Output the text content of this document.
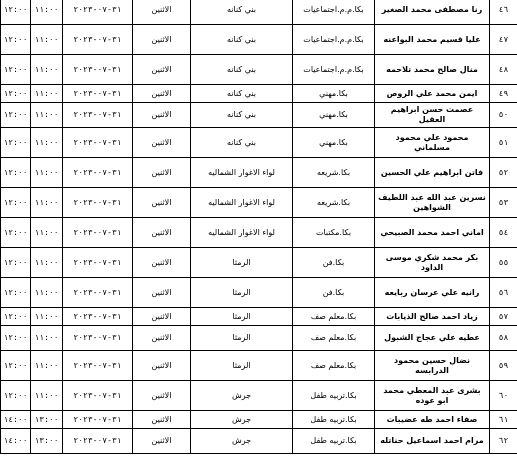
٤٦	رنا مصطفى محمد الصغير	بكا.م.م.اجتماعيات	بني كنانه	الاثنين	٣١-٠٧-٢٠٢٣	١١:٠٠	١٢:٠٠
٤٧	عليا قسيم محمد البواعنه	بكا.م.م.اجتماعيات	بني كنانه	الاثنين	٣١-٠٧-٢٠٢٣	١١:٠٠	١٢:٠٠
٤٨	منال صالح محمد تلاحمه	بكا.م.م.اجتماعيات	بني كنانه	الاثنين	٣١-٠٧-٢٠٢٣	١١:٠٠	١٢:٠٠
٤٩	ايمن محمد علي الروص	بكا.مهني	بني كنانه	الاثنين	٣١-٠٧-٢٠٢٣	١١:٠٠	١٢:٠٠
٥٠	عصمت حسن ابراهيم العقيل	بكا.مهني	بني كنانه	الاثنين	٣١-٠٧-٢٠٢٣	١١:٠٠	١٢:٠٠
٥١	محمود علي محمود مسلماني	بكا.مهني	بني كنانه	الاثنين	٣١-٠٧-٢٠٢٣	١١:٠٠	١٢:٠٠
٥٢	فاتن ابراهيم علي الحسين	بكا.شريعه	لواء الاغوار الشماليه	الاثنين	٣١-٠٧-٢٠٢٣	١١:٠٠	١٢:٠٠
٥٣	نسرين عبد الله عبد اللطيف الشواهين	بكا.شريعه	لواء الاغوار الشماليه	الاثنين	٣١-٠٧-٢٠٢٣	١١:٠٠	١٢:٠٠
٥٤	اماني احمد محمد الصبيحي	بكا.مكتبات	لواء الاغوار الشماليه	الاثنين	٣١-٠٧-٢٠٢٣	١١:٠٠	١٢:٠٠
٥٥	بكر محمد شكري موسى الداود	بكا.فن	الرمثا	الاثنين	٣١-٠٧-٢٠٢٣	١١:٠٠	١٢:٠٠
٥٦	رانيه علي عرسان ربايعه	بكا.فن	الرمثا	الاثنين	٣١-٠٧-٢٠٢٣	١١:٠٠	١٢:٠٠
٥٧	زياد احمد صالح الذيابات	بكا.معلم صف	الرمثا	الاثنين	٣١-٠٧-٢٠٢٣	١١:٠٠	١٢:٠٠
٥٨	عطيه علي عجاج الشبول	بكا.معلم صف	الرمثا	الاثنين	٣١-٠٧-٢٠٢٣	١١:٠٠	١٢:٠٠
٥٩	نضال حسين محمود الدرابسه	بكا.معلم صف	الرمثا	الاثنين	٣١-٠٧-٢٠٢٣	١١:٠٠	١٢:٠٠
٦٠	بشرى عبد المعطي محمد ابو عوده	بكا.تربيه طفل	جرش	الاثنين	٣١-٠٧-٢٠٢٣	١١:٠٠	١٢:٠٠
٦١	صفاء احمد طه عضيبات	بكا.تربيه طفل	جرش	الاثنين	٣١-٠٧-٢٠٢٣	١٣:٠٠	١٤:٠٠
٦٢	مرام احمد اسماعيل حناتله	بكا.تربيه طفل	جرش	الاثنين	٣١-٠٧-٢٠٢٣	١٣:٠٠	١٤:٠٠
